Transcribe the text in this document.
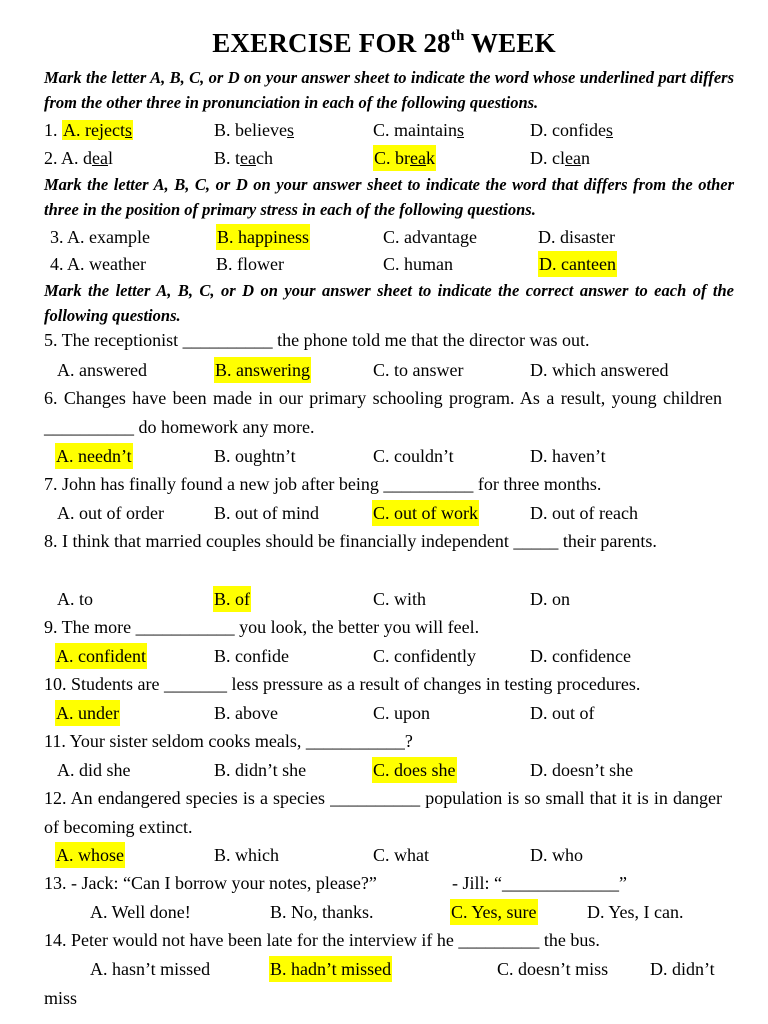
EXERCISE FOR 28th WEEK
Mark the letter A, B, C, or D on your answer sheet to indicate the word whose underlined part differs from the other three in pronunciation in each of the following questions.
1. A. rejects	B. believes	C. maintains	D. confides
2. A. deal	B. teach	C. break	D. clean
Mark the letter A, B, C, or D on your answer sheet to indicate the word that differs from the other three in the position of primary stress in each of the following questions.
3. A. example	B. happiness	C. advantage	D. disaster
4. A. weather	B. flower	C. human	D. canteen
Mark the letter A, B, C, or D on your answer sheet to indicate the correct answer to each of the following questions.
5. The receptionist __________ the phone told me that the director was out.
A. answered	B. answering	C. to answer	D. which answered
6. Changes have been made in our primary schooling program. As a result, young children __________ do homework any more.
A. needn’t	B. oughtn’t	C. couldn’t	D. haven’t
7. John has finally found a new job after being __________ for three months.
A. out of order	B. out of mind	C. out of work	D. out of reach
8. I think that married couples should be financially independent _____ their parents.
A. to	B. of	C. with	D. on
9. The more ___________ you look, the better you will feel.
A. confident	B. confide	C. confidently	D. confidence
10. Students are _______ less pressure as a result of changes in testing procedures.
A. under	B. above	C. upon	D. out of
11. Your sister seldom cooks meals, ___________?
A. did she	B. didn’t she	C. does she	D. doesn’t she
12. An endangered species is a species __________ population is so small that it is in danger of becoming extinct.
A. whose	B. which	C. what	D. who
13. - Jack: “Can I borrow your notes, please?”	- Jill: “_____________”
A. Well done!	B. No, thanks.	C. Yes, sure	D. Yes, I can.
14. Peter would not have been late for the interview if he _________ the bus.
A. hasn’t missed	B. hadn’t missed	C. doesn’t miss D. didn’t
miss
